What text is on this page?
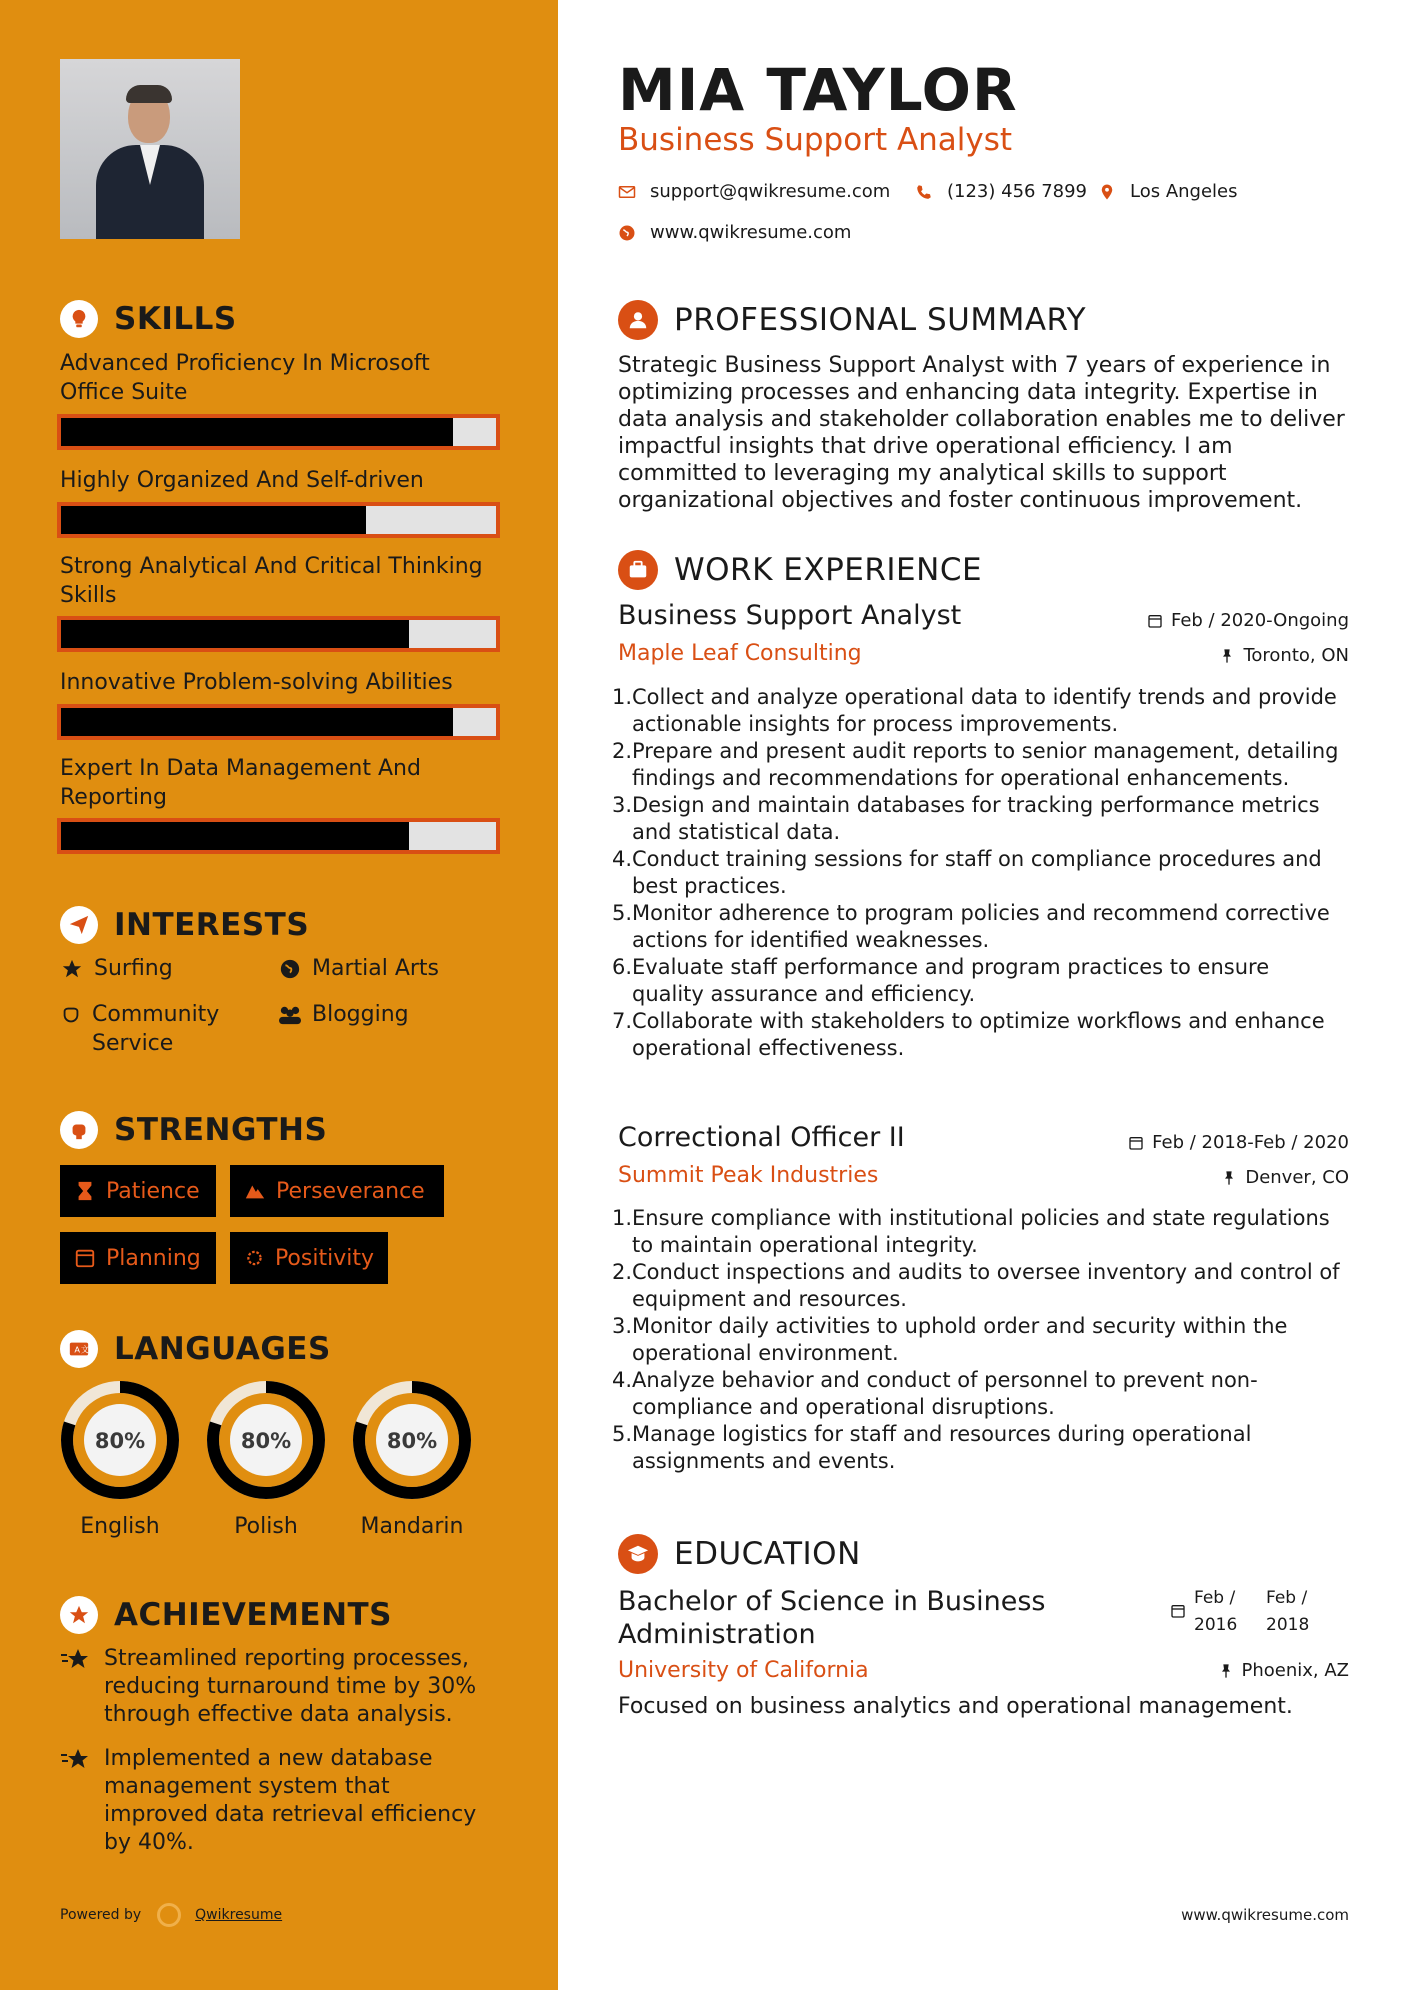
SKILLS
Advanced Proficiency In Microsoft Office Suite
Highly Organized And Self-driven
Strong Analytical And Critical Thinking Skills
Innovative Problem-solving Abilities
Expert In Data Management And Reporting
INTERESTS
Surfing	Martial Arts
Community Service
Blogging
STRENGTHS
Patience	Perseverance
Planning	Positivity
A 文 LANGUAGES
80%
English
80%
Polish
80%
Mandarin
ACHIEVEMENTS

Streamlined reporting processes, reducing turnaround time by 30% through effective data analysis.

Implemented a new database management system that improved data retrieval efficiency by 40%.

Powered by	Qwikresume
MIA TAYLOR
Business Support Analyst
support@qwikresume.com	(123) 456 7899 Los Angeles
www.qwikresume.com
PROFESSIONAL SUMMARY
Strategic Business Support Analyst with 7 years of experience in optimizing processes and enhancing data integrity. Expertise in data analysis and stakeholder collaboration enables me to deliver impactful insights that drive operational efficiency. I am committed to leveraging my analytical skills to support organizational objectives and foster continuous improvement.
WORK EXPERIENCE
Business Support Analyst	Feb / 2020-Ongoing
Maple Leaf Consulting	Toronto, ON
1. Collect and analyze operational data to identify trends and provide actionable insights for process improvements.
2. Prepare and present audit reports to senior management, detailing findings and recommendations for operational enhancements.
3. Design and maintain databases for tracking performance metrics and statistical data.
4. Conduct training sessions for staff on compliance procedures and best practices.
5. Monitor adherence to program policies and recommend corrective actions for identified weaknesses.
6. Evaluate staff performance and program practices to ensure quality assurance and efficiency.
7. Collaborate with stakeholders to optimize workflows and enhance operational effectiveness.
Correctional Officer II	Feb / 2018-Feb / 2020
Summit Peak Industries	Denver, CO
1. Ensure compliance with institutional policies and state regulations to maintain operational integrity.
2. Conduct inspections and audits to oversee inventory and control of equipment and resources.
3. Monitor daily activities to uphold order and security within the operational environment.
4. Analyze behavior and conduct of personnel to prevent non-compliance and operational disruptions.
5. Manage logistics for staff and resources during operational assignments and events.
EDUCATION
Bachelor of Science in Business Administration
Feb / 2016
Feb / 2018
University of California	Phoenix, AZ
Focused on business analytics and operational management.
www.qwikresume.com
